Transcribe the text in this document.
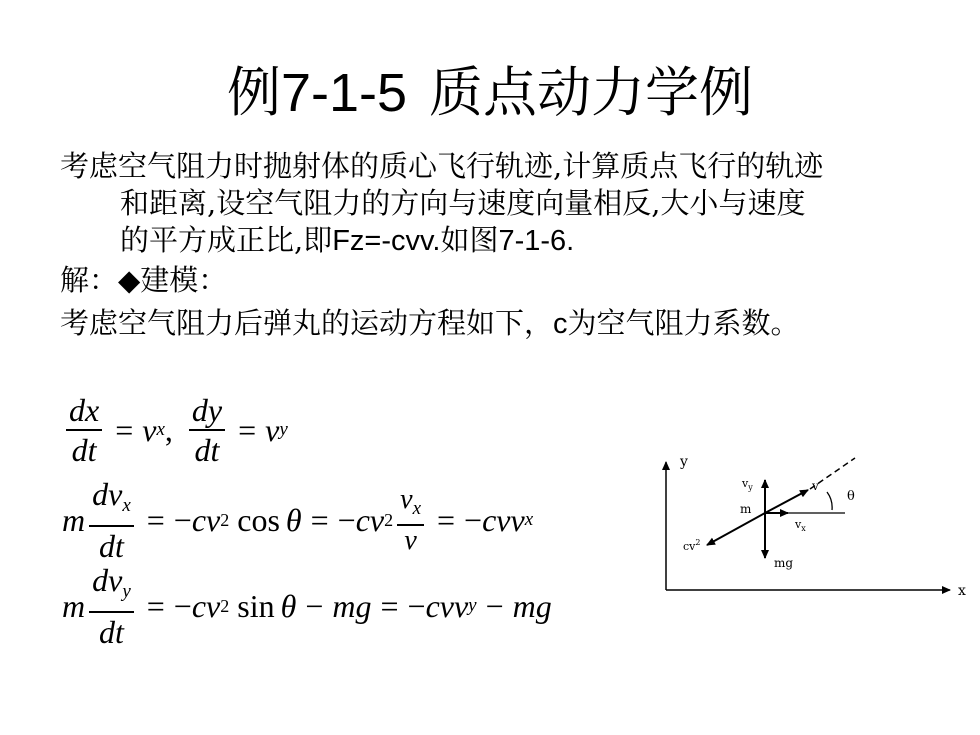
例7-1-5 质点动力学例
考虑空气阻力时抛射体的质心飞行轨迹,计算质点飞行的轨迹
和距离,设空气阻力的方向与速度向量相反,大小与速度
的平方成正比,即Fz=-cvv.如图7-1-6.
解：◆建模：
考虑空气阻力后弹丸的运动方程如下，c为空气阻力系数。
$\frac{dx}{dt} = v$ x , $\frac{dy}{dt} = v$ y
m $\frac{dv_x}{dt}$ = − cv 2
cos θ = − cv $2 \frac{v_x}{v}$ = − cvv x
m $\frac{dv_y}{dt}$ = − cv 2
sin θ − mg = − cvv y − mg
y
x
$v_y$
m
v
θ
$v_x$
$cv^2$
mg
